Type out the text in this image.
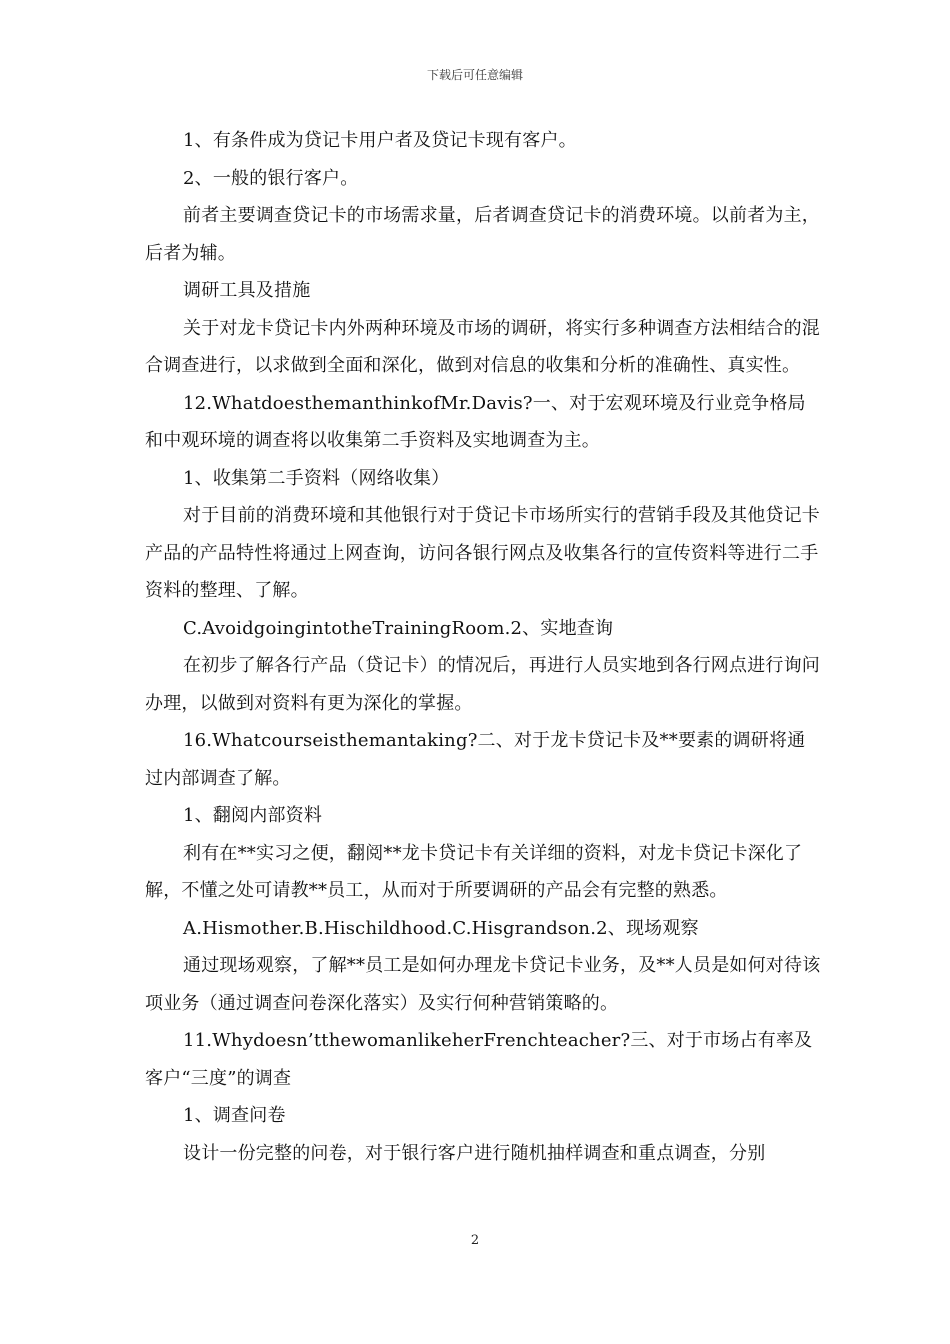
下载后可任意编辑

1、有条件成为贷记卡用户者及贷记卡现有客户。

2、一般的银行客户。

前者主要调查贷记卡的市场需求量，后者调查贷记卡的消费环境。以前者为主，后者为辅。

调研工具及措施

关于对龙卡贷记卡内外两种环境及市场的调研，将实行多种调查方法相结合的混合调查进行，以求做到全面和深化，做到对信息的收集和分析的准确性、真实性。

12.WhatdoesthemanthinkofMr.Davis?一、对于宏观环境及行业竞争格局和中观环境的调查将以收集第二手资料及实地调查为主。

1、收集第二手资料（网络收集）

对于目前的消费环境和其他银行对于贷记卡市场所实行的营销手段及其他贷记卡产品的产品特性将通过上网查询，访问各银行网点及收集各行的宣传资料等进行二手资料的整理、了解。

C.AvoidgoingintotheTrainingRoom.2、实地查询

在初步了解各行产品（贷记卡）的情况后，再进行人员实地到各行网点进行询问办理，以做到对资料有更为深化的掌握。

16.Whatcourseisthemantaking?二、对于龙卡贷记卡及**要素的调研将通过内部调查了解。

1、翻阅内部资料

利有在**实习之便，翻阅**龙卡贷记卡有关详细的资料，对龙卡贷记卡深化了解，不懂之处可请教**员工，从而对于所要调研的产品会有完整的熟悉。

A.Hismother.B.Hischildhood.C.Hisgrandson.2、现场观察

通过现场观察，了解**员工是如何办理龙卡贷记卡业务，及**人员是如何对待该项业务（通过调查问卷深化落实）及实行何种营销策略的。

11.Whydoesn’tthewomanlikeherFrenchteacher?三、对于市场占有率及客户“三度”的调查

1、调查问卷

设计一份完整的问卷，对于银行客户进行随机抽样调查和重点调查，分别

2
